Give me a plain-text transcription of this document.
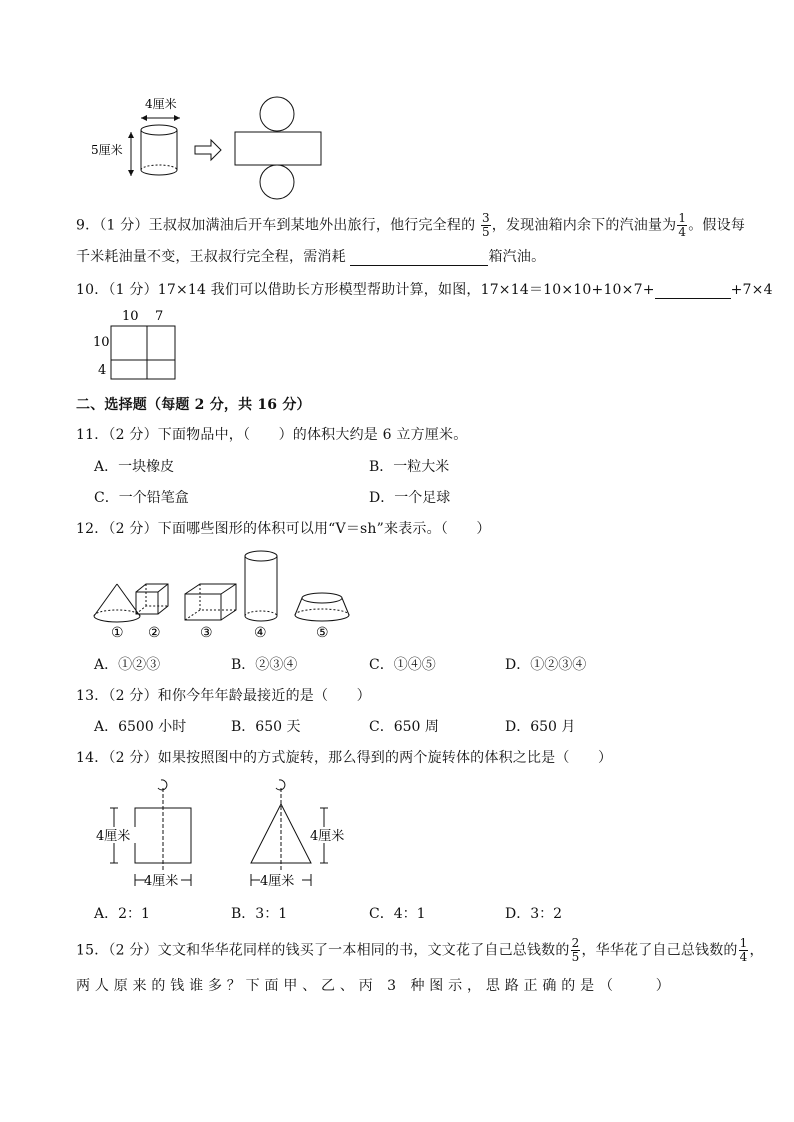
4厘米
5厘米
9．（1 分）王叔叔加满油后开车到某地外出旅行，他行完全程的 $\frac{3}{5}$ ，发现油箱内余下的汽油量为 $\frac{1}{4}$ 。假设每
千米耗油量不变，王叔叔行完全程，需消耗	箱汽油。
10．（1 分）17×14 我们可以借助长方形模型帮助计算，如图，17×14＝10×10+10×7+	+7×4
10 7
10
4
二、选择题（每题 2 分，共 16 分）
11．（2 分）下面物品中，（　　）的体积大约是 6 立方厘米。
A．一块橡皮	B．一粒大米
C．一个铅笔盒	D．一个足球
12．（2 分）下面哪些图形的体积可以用“V＝sh”来表示。（　　）
① ②	③	④	⑤
A．①②③	B．②③④	C．①④⑤	D．①②③④
13．（2 分）和你今年年龄最接近的是（　　）
A．6500 小时	B．650 天	C．650 周	D．650 月
14．（2 分）如果按照图中的方式旋转，那么得到的两个旋转体的体积之比是（　　）
4厘米
4厘米
4厘米
4厘米
A．2：1	B．3：1	C．4：1	D．3：2
15．（2 分）文文和华华花同样的钱买了一本相同的书，文文花了自己总钱数的 $\frac{2}{5}$ ，华华花了自己总钱数的 $\frac{1}{4}$ ，
两 人 原 来 的 钱 谁 多 ？ 下 面 甲 、 乙 、 丙　3　种 图 示 ， 思 路 正 确 的 是 （　　　）
